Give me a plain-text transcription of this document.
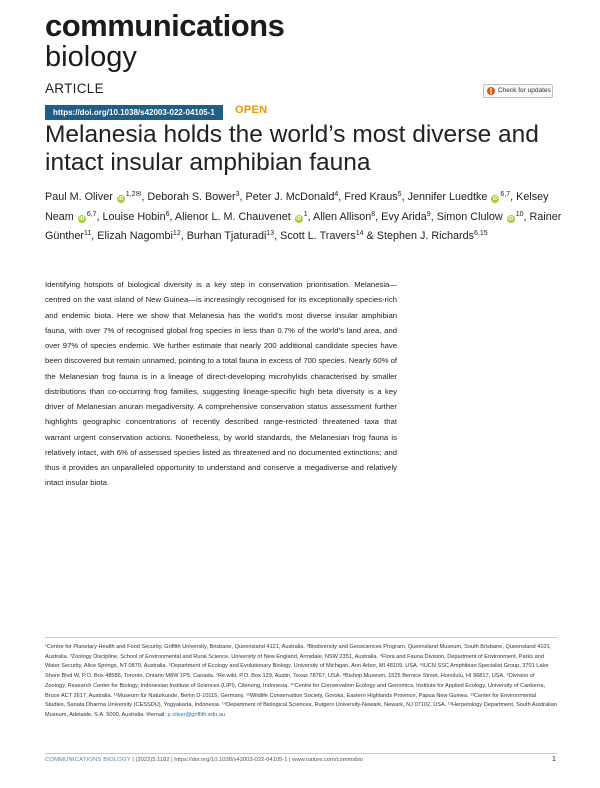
communications
biology
ARTICLE
https://doi.org/10.1038/s42003-022-04105-1	OPEN
Check for updates
Melanesia holds the world’s most diverse and intact insular amphibian fauna
Paul M. Oliver $iD^{1,2✉}$, Deborah S. Bower$^3$, Peter J. McDonald$^4$, Fred Kraus$^5$, Jennifer Luedtke iD$^{6,7}$, Kelsey Neam iD$^{6,7}$, Louise Hobin$^6$, Alienor L. M. Chauvenet $iD^1$, Allen Allison$^8$, Evy Arida$^9$, Simon Clulow $iD^{10}$, Rainer Günther$^{11}$, Elizah Nagombi$^{12}$, Burhan Tjaturadi$^{13}$, Scott L. Travers$^{14}$ & Stephen J. Richards$^{6,15}$

Identifying hotspots of biological diversity is a key step in conservation prioritisation. Melanesia—centred on the vast island of New Guinea—is increasingly recognised for its exceptionally species-rich and endemic biota. Here we show that Melanesia has the world’s most diverse insular amphibian fauna, with over 7% of recognised global frog species in less than 0.7% of the world’s land area, and over 97% of species endemic. We further estimate that nearly 200 additional candidate species have been discovered but remain unnamed, pointing to a total fauna in excess of 700 species. Nearly 60% of the Melanesian frog fauna is in a lineage of direct-developing microhylids characterised by smaller distributions than co-occurring frog families, suggesting lineage-specific high beta diversity is a key driver of Melanesian anuran megadiversity. A comprehensive conservation status assessment further highlights geographic concentrations of recently described range-restricted threatened taxa that warrant urgent conservation actions. Nonetheless, by world standards, the Melanesian frog fauna is relatively intact, with 6% of assessed species listed as threatened and no documented extinctions; and thus it provides an unparalleled opportunity to understand and conserve a megadiverse and relatively intact insular biota.

¹Centre for Planetary Health and Food Security, Griffith University, Brisbane, Queensland 4121, Australia. ²Biodiversity and Geosciences Program, Queensland Museum, South Brisbane, Queensland 4101, Australia. ³Zoology Discipline, School of Environmental and Rural Science, University of New England, Armidale, NSW 2351, Australia. ⁴Flora and Fauna Division, Department of Environment, Parks and Water Security, Alice Springs, NT 0870, Australia. ⁵Department of Ecology and Evolutionary Biology, University of Michigan, Ann Arbor, MI 48109, USA. ⁶IUCN SSC Amphibian Specialist Group, 3701 Lake Shore Blvd W, P.O. Box 48586, Toronto, Ontario M8W 1P5, Canada. ⁷Re:wild, P.O. Box 129, Austin, Texas 78767, USA. ⁸Bishop Museum, 1525 Bernice Street, Honolulu, HI 96817, USA. ⁹Division of Zoology, Research Center for Biology, Indonesian Institute of Sciences (LIPI), Cibinong, Indonesia. ¹⁰Centre for Conservation Ecology and Genomics, Institute for Applied Ecology, University of Canberra, Bruce ACT 2617, Australia. ¹¹Museum für Naturkunde, Berlin D-10115, Germany. ¹²Wildlife Conservation Society, Goroka, Eastern Highlands Province, Papua New Guinea. ¹³Center for Environmental Studies, Sanata Dharma University (CESSDU), Yogyakarta, Indonesia. ¹⁴Department of Biological Sciences, Rutgers University-Newark, Newark, NJ 07102, USA. ¹⁵Herpetology Department, South Australian Museum, Adelaide, S.A. 5000, Australia. ✉email: p.oliver@griffith.edu.au

COMMUNICATIONS BIOLOGY | (2022)5:1182 | https://doi.org/10.1038/s42003-022-04105-1 | www.nature.com/commsbio	1
